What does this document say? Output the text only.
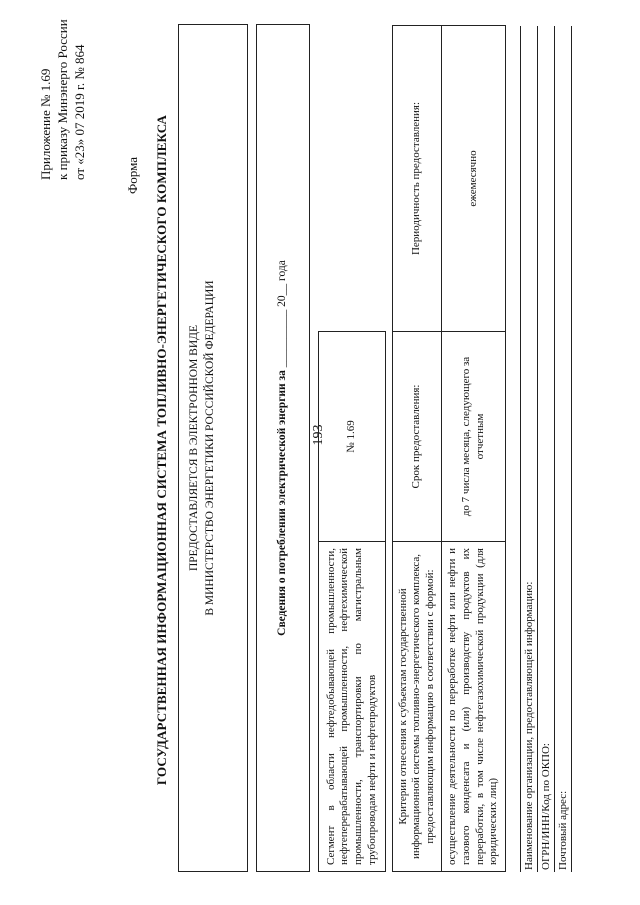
193
Приложение № 1.69 к приказу Минэнерго России от «23» 07 2019 г. № 864	Форма ГОСУДАРСТВЕННАЯ ИНФОРМАЦИОННАЯ СИСТЕМА ТОПЛИВНО-ЭНЕРГЕТИЧЕСКОГО КОМПЛЕКСА ПРЕДОСТАВЛЯЕТСЯ В ЭЛЕКТРОННОМ ВИДЕ В МИНИСТЕРСТВО ЭНЕРГЕТИКИ РОССИЙСКОЙ ФЕДЕРАЦИИ	Сведения о потреблении электрической энергии за __________ 20__ года
Сегмент в области нефтедобывающей промышленности, нефтеперерабатывающей промышленности, нефтехимической промышленности, транспортировки по магистральным трубопроводам нефти и нефтепродуктов	№ 1.69
Критерии отнесения к субъектам государственной информационной системы топливно-энергетического комплекса, предоставляющим информацию в соответствии с формой:	Срок предоставления:	Периодичность предоставления:
осуществление деятельности по переработке нефти или нефти и газового конденсата и (или) производству продуктов их переработки, в том числе нефтегазохимической продукции (для юридических лиц)	до 7 числа месяца, следующего за отчетным	ежемесячно
Наименование организации, предоставляющей информацию: ОГРН/ИНН/Код по ОКПО: Почтовый адрес:
